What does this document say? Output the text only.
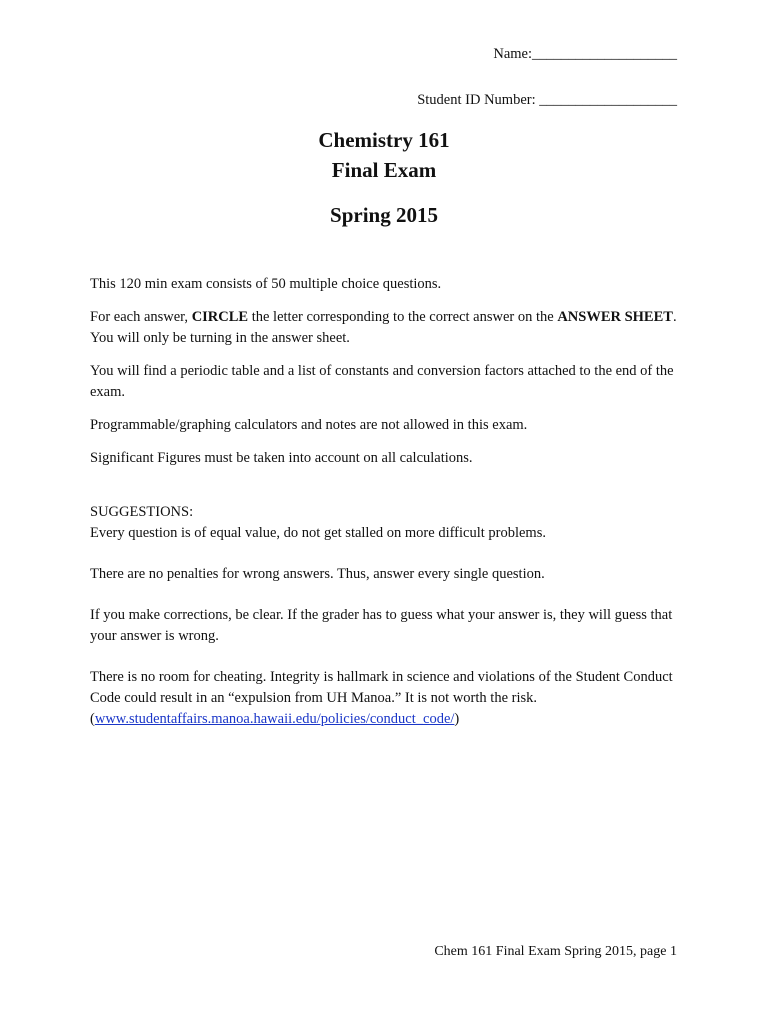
Name:____________________
Student ID Number: ___________________
Chemistry 161
Final Exam
Spring 2015
This 120 min exam consists of 50 multiple choice questions.
For each answer, CIRCLE the letter corresponding to the correct answer on the ANSWER SHEET. You will only be turning in the answer sheet.
You will find a periodic table and a list of constants and conversion factors attached to the end of the exam.
Programmable/graphing calculators and notes are not allowed in this exam.
Significant Figures must be taken into account on all calculations.
SUGGESTIONS:
Every question is of equal value, do not get stalled on more difficult problems.
There are no penalties for wrong answers. Thus, answer every single question.
If you make corrections, be clear. If the grader has to guess what your answer is, they will guess that your answer is wrong.
There is no room for cheating. Integrity is hallmark in science and violations of the Student Conduct Code could result in an “expulsion from UH Manoa.” It is not worth the risk.
(www.studentaffairs.manoa.hawaii.edu/policies/conduct_code/)
Chem 161 Final Exam Spring 2015, page 1
